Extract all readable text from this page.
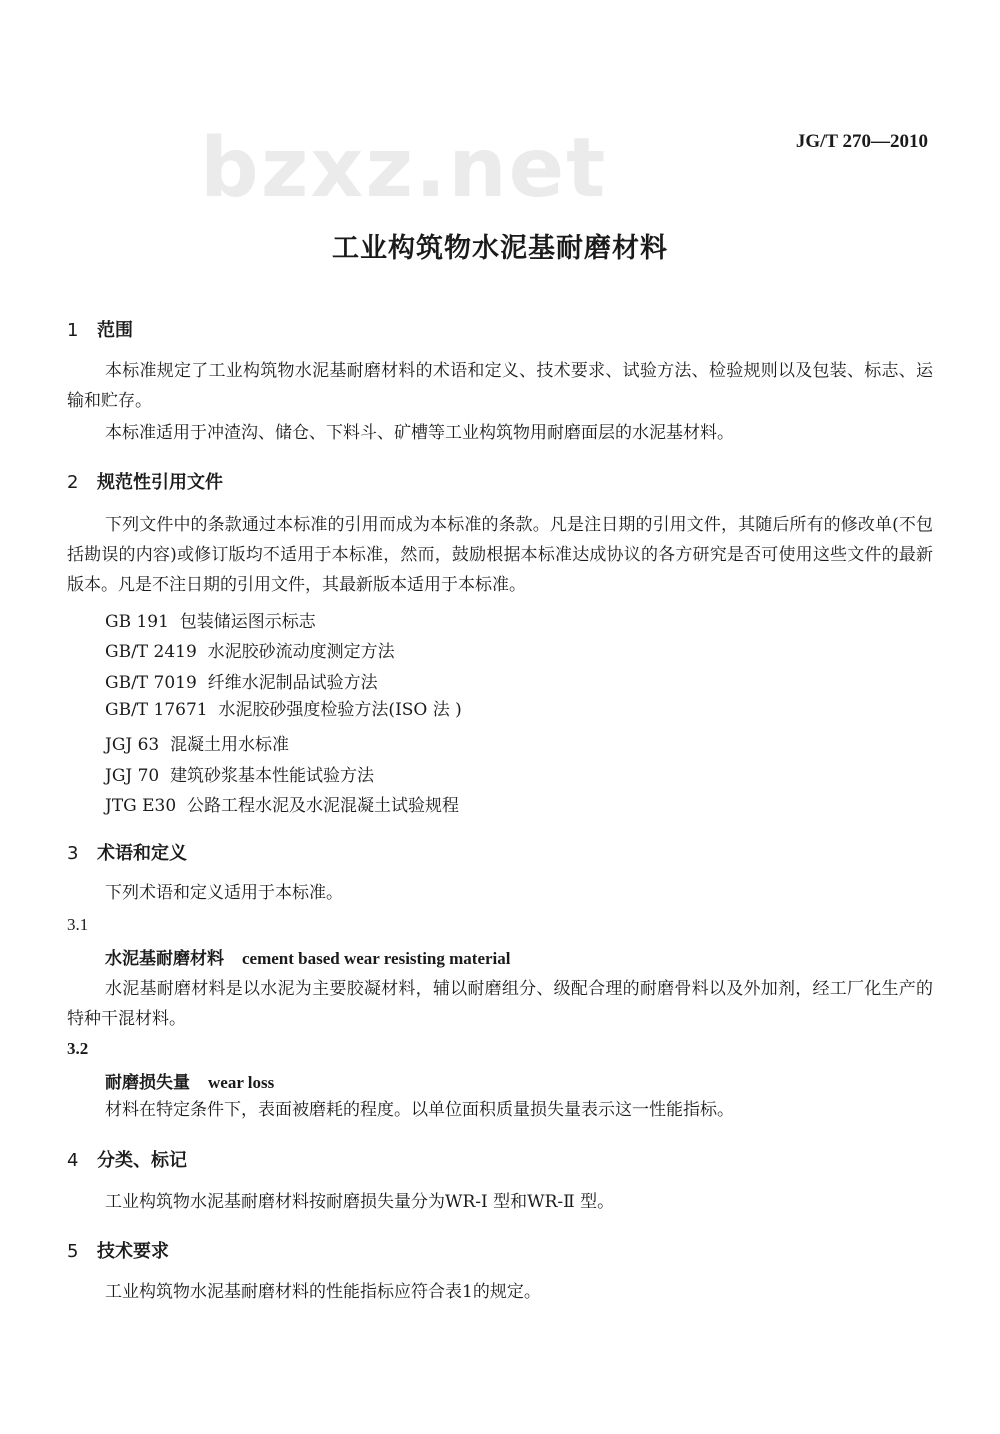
bzxz.net	JG/T 270—2010
工业构筑物水泥基耐磨材料
1 范围
本标准规定了工业构筑物水泥基耐磨材料的术语和定义、技术要求、试验方法、检验规则以及包装、标志、运输和贮存。
本标准适用于冲渣沟、储仓、下料斗、矿槽等工业构筑物用耐磨面层的水泥基材料。
2 规范性引用文件
下列文件中的条款通过本标准的引用而成为本标准的条款。凡是注日期的引用文件，其随后所有的修改单(不包括勘误的内容)或修订版均不适用于本标准，然而，鼓励根据本标准达成协议的各方研究是否可使用这些文件的最新版本。凡是不注日期的引用文件，其最新版本适用于本标准。
GB 191 包装储运图示标志
GB/T 2419 水泥胶砂流动度测定方法
GB/T 7019 纤维水泥制品试验方法
GB/T 17671 水泥胶砂强度检验方法(ISO 法 )
JGJ 63 混凝土用水标准
JGJ 70 建筑砂浆基本性能试验方法
JTG E30 公路工程水泥及水泥混凝土试验规程
3 术语和定义
下列术语和定义适用于本标准。
3.1
水泥基耐磨材料 cement based wear resisting material
水泥基耐磨材料是以水泥为主要胶凝材料，辅以耐磨组分、级配合理的耐磨骨料以及外加剂，经工厂化生产的特种干混材料。
3.2
耐磨损失量 wear loss
材料在特定条件下，表面被磨耗的程度。以单位面积质量损失量表示这一性能指标。
4 分类、标记
工业构筑物水泥基耐磨材料按耐磨损失量分为WR-I 型和WR-Ⅱ 型。
5 技术要求
工业构筑物水泥基耐磨材料的性能指标应符合表1的规定。
